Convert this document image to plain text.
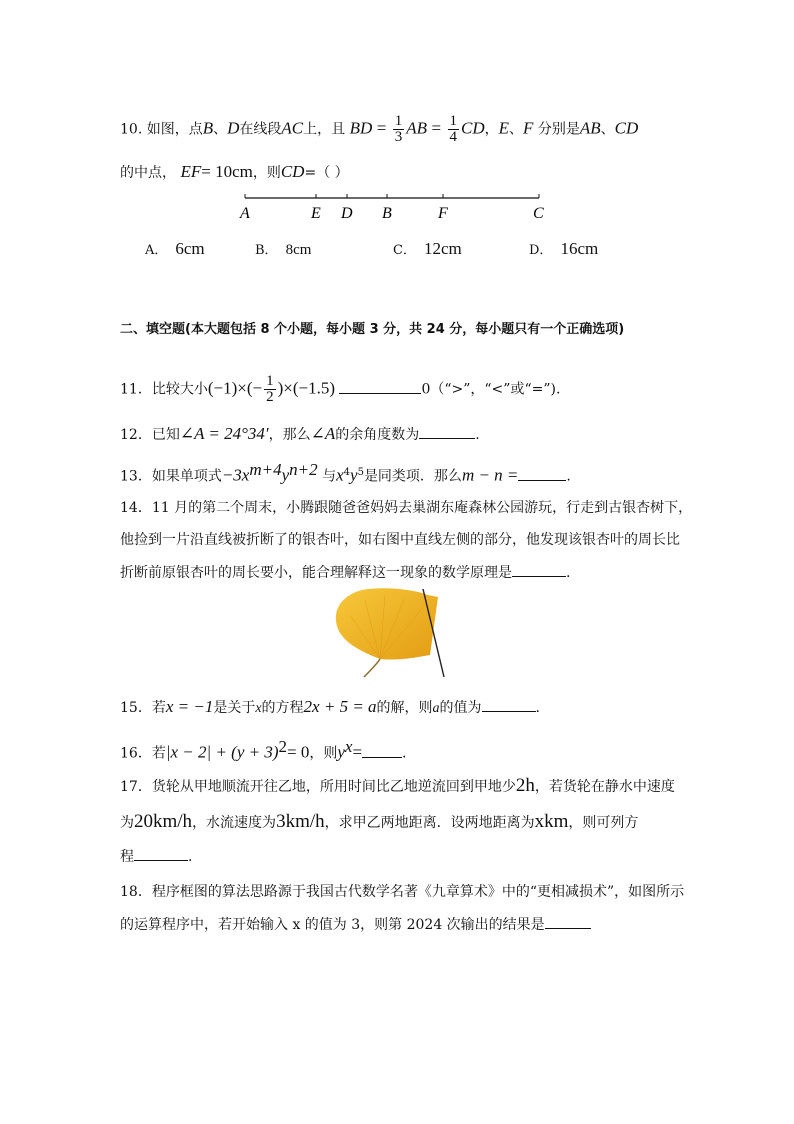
10. 如图，点B、D在线段AC上，且 BD = $\frac{1}{3}$ AB = $\frac{1}{4}$ CD，E、F 分别是AB、CD
的中点， EF= 10cm，则CD=（ ）
A	E D B	F	C
A． 6cm	B． 8cm	C． 12cm	D． 16cm
二、填空题(本大题包括 8 个小题，每小题 3 分，共 24 分，每小题只有一个正确选项)
11．比较大小$(-1)\times(- \frac{1}{2} )\times(-1.5)$	0（“>”，“<”或“=”).
12．已知∠A = 24°34′，那么∠A的余角度数为	.
13．如果单项式$-3x^{m+4}y^{n+2}$ 与$x^4y^5$是同类项．那么m − n =	.
14．11 月的第二个周末，小腾跟随爸爸妈妈去巢湖东庵森林公园游玩，行走到古银杏树下，
他捡到一片沿直线被折断了的银杏叶，如右图中直线左侧的部分，他发现该银杏叶的周长比
折断前原银杏叶的周长要小，能合理解释这一现象的数学原理是	.
15．若x = −1是关于x的方程2x + 5 = a的解，则a的值为	.
16．若$|x - 2| + (y + 3)^2= 0$，则$y^x=$	.
17．货轮从甲地顺流开往乙地，所用时间比乙地逆流回到甲地少2h，若货轮在静水中速度
为20km/h，水流速度为3km/h，求甲乙两地距离．设两地距离为xkm，则可列方
程	.
18．程序框图的算法思路源于我国古代数学名著《九章算术》中的“更相减损术”，如图所示
的运算程序中，若开始输入 x 的值为 3，则第 2024 次输出的结果是
